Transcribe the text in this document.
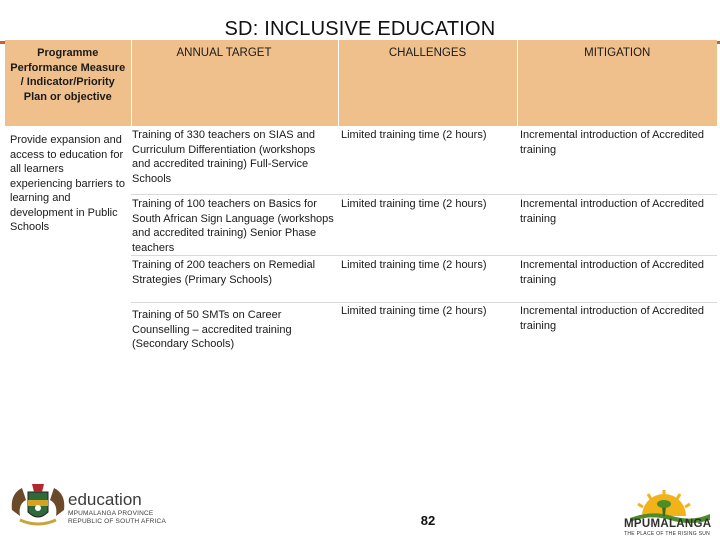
SD: INCLUSIVE EDUCATION
Programme Performance Measure / Indicator/Priority Plan or objective	ANNUAL TARGET	CHALLENGES	MITIGATION
Provide expansion and access to education for all learners experiencing barriers to learning and development in Public Schools	Training of 330 teachers on SIAS and Curriculum Differentiation (workshops and accredited training) Full-Service Schools	Limited training time (2 hours)	Incremental introduction of Accredited training
	Training of 100 teachers on Basics for South African Sign Language (workshops and accredited training) Senior Phase teachers	Limited training time (2 hours)	Incremental introduction of Accredited training
	Training of 200 teachers on Remedial Strategies (Primary Schools)	Limited training time (2 hours)	Incremental introduction of Accredited training
	Training of 50 SMTs on Career Counselling – accredited training (Secondary Schools)	Limited training time (2 hours)	Incremental introduction of Accredited training
education
MPUMALANGA PROVINCE
REPUBLIC OF SOUTH AFRICA	82	MPUMALANGA
THE PLACE OF THE RISING SUN
